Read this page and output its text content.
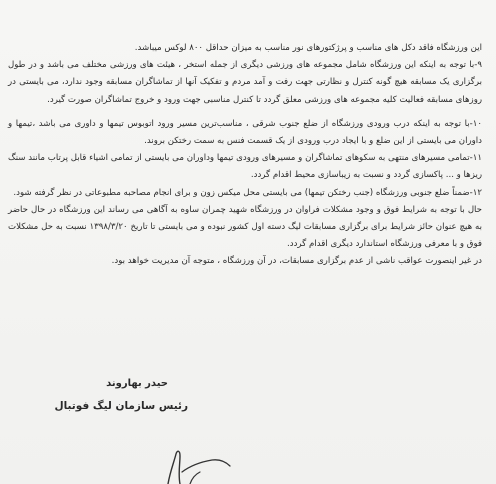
این ورزشگاه فاقد دکل های مناسب و پرژکتورهای نور مناسب به میزان حداقل ۸۰۰ لوکس میباشد.

۹-با توجه به اینکه این ورزشگاه شامل مجموعه های ورزشی دیگری از جمله استخر ، هیئت های ورزشی مختلف می باشد و در طول برگزاری یک مسابقه هیچ گونه کنترل و نظارتی جهت رفت و آمد مردم و تفکیک آنها از تماشاگران مسابقه وجود ندارد، می بایستی در روزهای مسابقه فعالیت کلیه مجموعه های ورزشی معلق گردد تا کنترل مناسبی جهت ورود و خروج تماشاگران صورت گیرد.

۱۰-با توجه به اینکه درب ورودی ورزشگاه از ضلع جنوب شرقی ، مناسب‌ترین مسیر ورود اتوبوس تیمها و داوری می باشد ،تیمها و داوران می بایستی از این ضلع و با ایجاد درب ورودی از یک قسمت فنس به سمت رختکن بروند.

۱۱-تمامی مسیرهای منتهی به سکوهای تماشاگران و مسیرهای ورودی تیمها وداوران می بایستی از تمامی اشیاء قابل پرتاب مانند سنگ ریزها و ... پاکسازی گردد و نسبت به زیباسازی محیط اقدام گردد.

۱۲-ضمناً ضلع جنوبی ورزشگاه (جنب رختکن تیمها) می بایستی محل میکس زون و برای انجام مصاحبه مطبوعاتی در نظر گرفته شود.

حال با توجه به شرایط فوق و وجود مشکلات فراوان در ورزشگاه شهید چمران ساوه به آگاهی می رساند این ورزشگاه در حال حاضر به هیچ عنوان حائز شرایط برای برگزاری مسابقات لیگ دسته اول کشور نبوده و می بایستی تا تاریخ ۱۳۹۸/۳/۲۰ نسبت به حل مشکلات فوق و با معرفی ورزشگاه استاندارد دیگری اقدام گردد.

در غیر اینصورت عواقب ناشی از عدم برگزاری مسابقات، در آن ورزشگاه ، متوجه آن مدیریت خواهد بود.

حیدر بهاروند
رئیس سازمان لیگ فوتبال
